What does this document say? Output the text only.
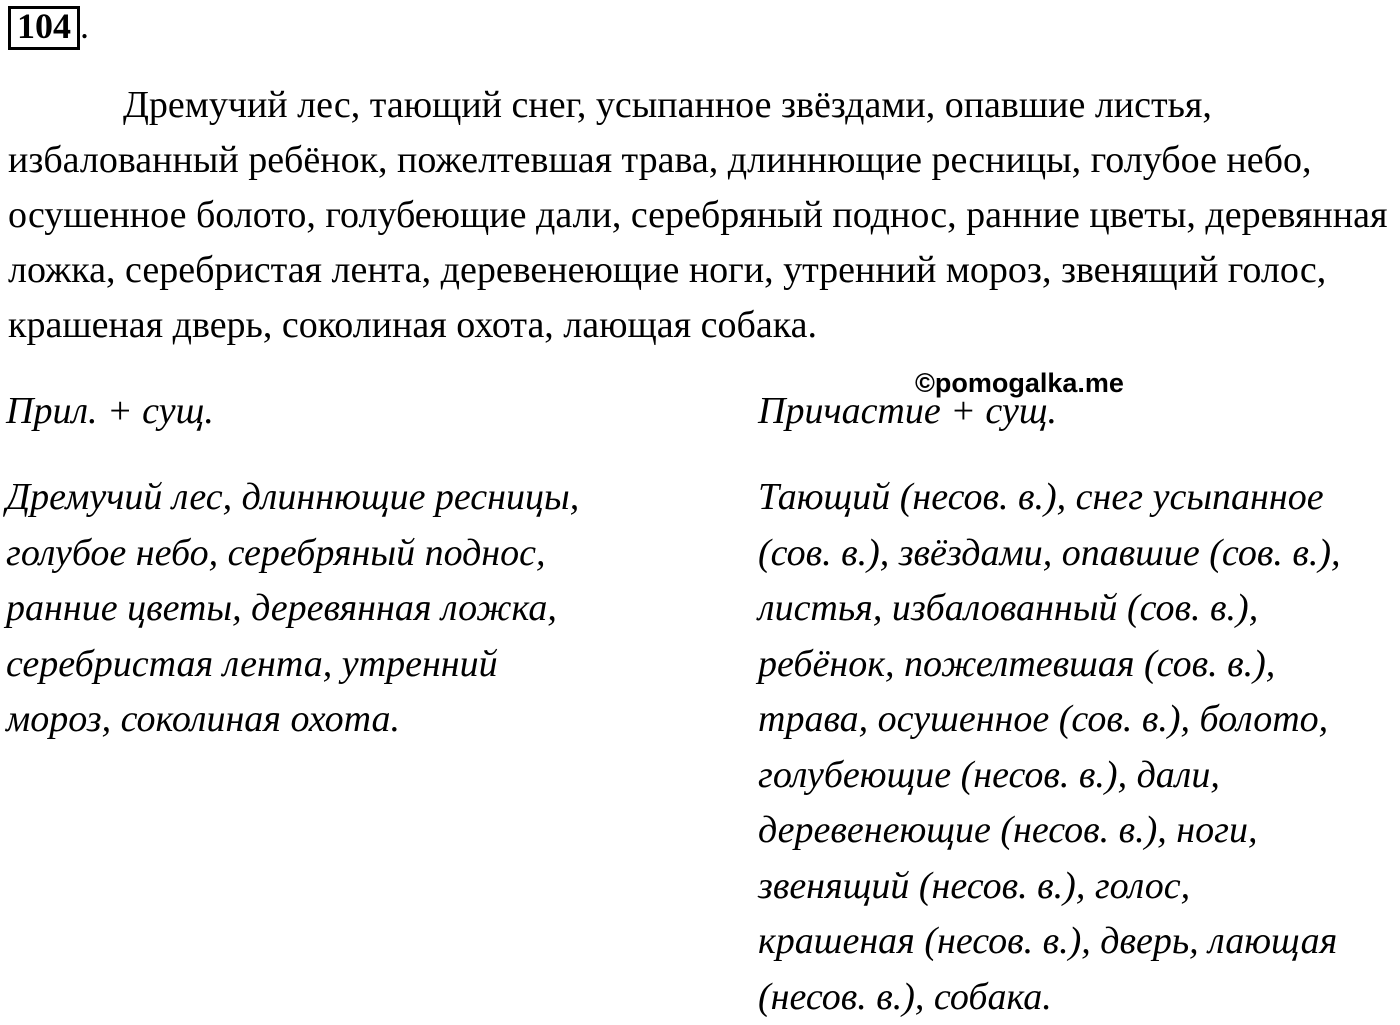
104 .

Дремучий лес, тающий снег, усыпанное звёздами, опавшие листья, избалованный ребёнок, пожелтевшая трава, длиннющие ресницы, голубое небо, осушенное болото, голубеющие дали, серебряный поднос, ранние цветы, деревянная ложка, серебристая лента, деревенеющие ноги, утренний мороз, звенящий голос, крашеная дверь, соколиная охота, лающая собака.

©pomogalka.me

Прил. + сущ.	Причастие + сущ.

Дремучий лес, длиннющие ресницы,
голубое небо, серебряный поднос,
ранние цветы, деревянная ложка,
серебристая лента, утренний
мороз, соколиная охота.
Тающий (несов. в.), снег усыпанное
(сов. в.), звёздами, опавшие (сов. в.),
листья, избалованный (сов. в.),
ребёнок, пожелтевшая (сов. в.),
трава, осушенное (сов. в.), болото,
голубеющие (несов. в.), дали,
деревенеющие (несов. в.), ноги,
звенящий (несов. в.), голос,
крашеная (несов. в.), дверь, лающая
(несов. в.), собака.
